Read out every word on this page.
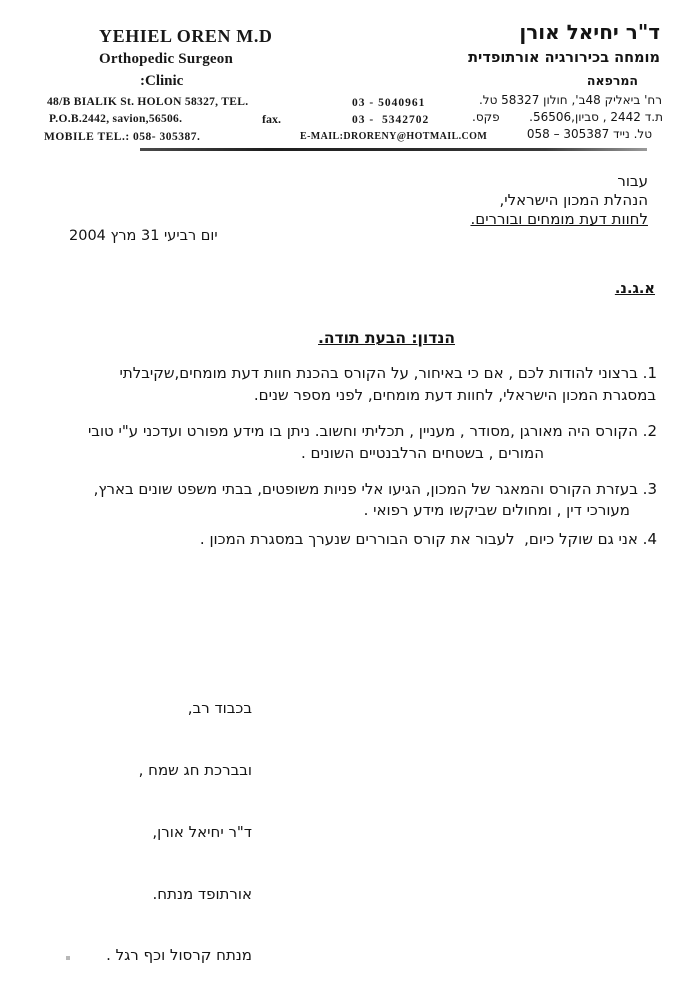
YEHIEL OREN M.D
Orthopedic Surgeon
:Clinic
48/B BIALIK St. HOLON 58327, TEL.
P.O.B.2442, savion,56506.	fax.
MOBILE TEL.: 058- 305387.
03 - 5040961
03 -  5342702
E-MAIL:DRORENY@HOTMAIL.COM
ד"ר יחיאל אורן
מומחה בכירורגיה אורתופדית
המרפאה
רח' ביאליק 48ב', חולון 58327 טל.
ת.ד 2442 , סביון,56506.
פקס.
טל. נייד 305387 – 058
עבור
הנהלת המכון הישראלי,
לחוות דעת מומחים ובוררים.
יום רביעי 31 מרץ 2004
א.ג.נ.
הנדון: הבעת תודה.
1. ברצוני להודות לכם , אם כי באיחור, על הקורס בהכנת חוות דעת מומחים,שקיבלתי
במסגרת המכון הישראלי, לחוות דעת מומחים, לפני מספר שנים.
2. הקורס היה מאורגן ,מסודר , מעניין , תכליתי וחשוב. ניתן בו מידע מפורט ועדכני ע"י טובי
המורים , בשטחים הרלבנטיים השונים .
3. בעזרת הקורס והמאגר של המכון, הגיעו אלי פניות משופטים, בבתי משפט שונים בארץ,
מעורכי דין , ומחולים שביקשו מידע רפואי .
4. אני גם שוקל כיום,  לעבור את קורס הבוררים שנערך במסגרת המכון .

בכבוד רב,

ובברכת חג שמח ,

ד"ר יחיאל אורן,

אורתופד מנתח.

מנתח קרסול וכף רגל .
